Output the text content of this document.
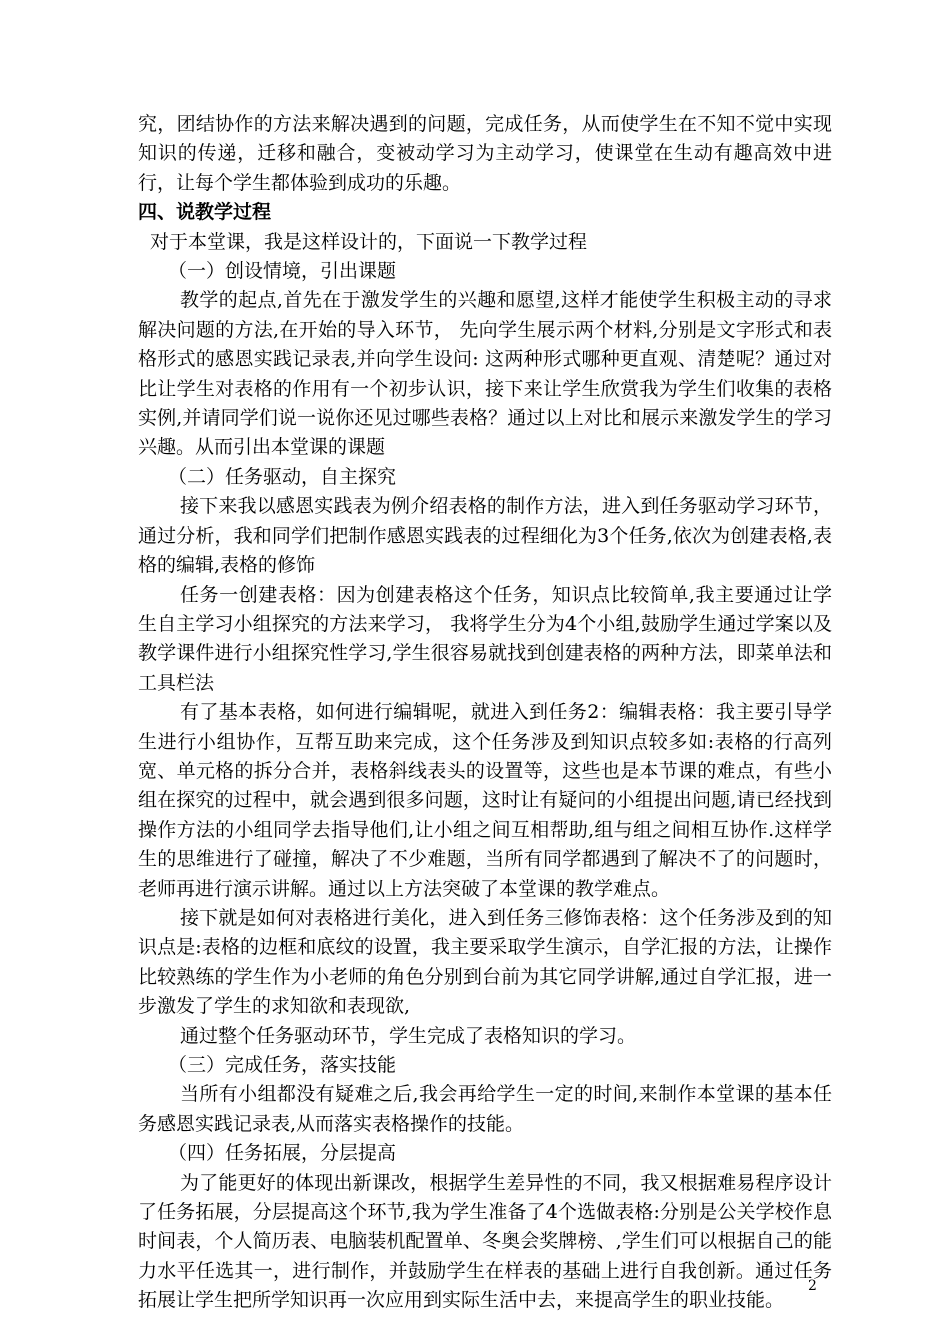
究，团结协作的方法来解决遇到的问题，完成任务，从而使学生在不知不觉中实现知识的传递，迁移和融合，变被动学习为主动学习，使课堂在生动有趣高效中进行，让每个学生都体验到成功的乐趣。

四、说教学过程

对于本堂课，我是这样设计的，下面说一下教学过程

（一）创设情境，引出课题

教学的起点,首先在于激发学生的兴趣和愿望,这样才能使学生积极主动的寻求解决问题的方法,在开始的导入环节， 先向学生展示两个材料,分别是文字形式和表格形式的感恩实践记录表,并向学生设问: 这两种形式哪种更直观、清楚呢？通过对比让学生对表格的作用有一个初步认识，接下来让学生欣赏我为学生们收集的表格实例,并请同学们说一说你还见过哪些表格？通过以上对比和展示来激发学生的学习兴趣。从而引出本堂课的课题

（二）任务驱动，自主探究

接下来我以感恩实践表为例介绍表格的制作方法，进入到任务驱动学习环节，通过分析，我和同学们把制作感恩实践表的过程细化为3个任务,依次为创建表格,表格的编辑,表格的修饰

任务一创建表格：因为创建表格这个任务，知识点比较简单,我主要通过让学生自主学习小组探究的方法来学习， 我将学生分为4个小组,鼓励学生通过学案以及教学课件进行小组探究性学习,学生很容易就找到创建表格的两种方法，即菜单法和工具栏法

有了基本表格，如何进行编辑呢，就进入到任务2：编辑表格：我主要引导学生进行小组协作，互帮互助来完成，这个任务涉及到知识点较多如:表格的行高列宽、单元格的拆分合并，表格斜线表头的设置等，这些也是本节课的难点，有些小组在探究的过程中，就会遇到很多问题，这时让有疑问的小组提出问题,请已经找到操作方法的小组同学去指导他们,让小组之间互相帮助,组与组之间相互协作.这样学生的思维进行了碰撞，解决了不少难题，当所有同学都遇到了解决不了的问题时，老师再进行演示讲解。通过以上方法突破了本堂课的教学难点。

接下就是如何对表格进行美化，进入到任务三修饰表格：这个任务涉及到的知识点是:表格的边框和底纹的设置，我主要采取学生演示，自学汇报的方法，让操作比较熟练的学生作为小老师的角色分别到台前为其它同学讲解,通过自学汇报，进一步激发了学生的求知欲和表现欲,

通过整个任务驱动环节，学生完成了表格知识的学习。

（三）完成任务，落实技能

当所有小组都没有疑难之后,我会再给学生一定的时间,来制作本堂课的基本任务感恩实践记录表,从而落实表格操作的技能。

（四）任务拓展，分层提高

为了能更好的体现出新课改，根据学生差异性的不同，我又根据难易程序设计了任务拓展，分层提高这个环节,我为学生准备了4个选做表格:分别是公关学校作息时间表，个人简历表、电脑装机配置单、冬奥会奖牌榜、,学生们可以根据自己的能力水平任选其一，进行制作，并鼓励学生在样表的基础上进行自我创新。通过任务拓展让学生把所学知识再一次应用到实际生活中去，来提高学生的职业技能。

2
